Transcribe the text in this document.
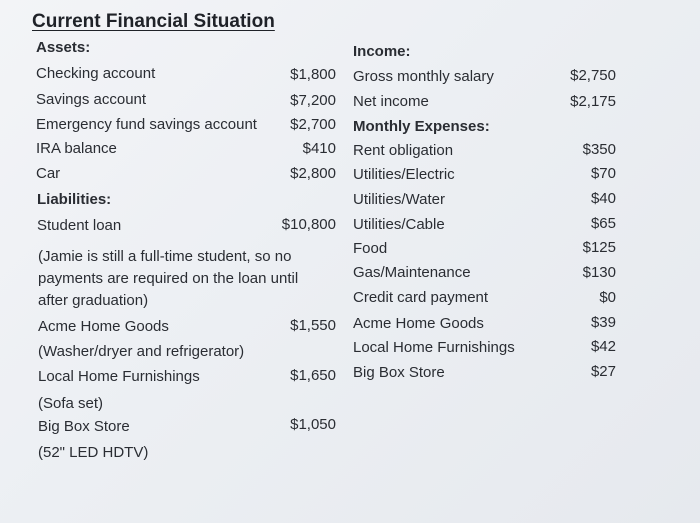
Current Financial Situation
Assets:
Checking account	$1,800
Savings account	$7,200
Emergency fund savings account $2,700
IRA balance	$410
Car	$2,800
Liabilities:
Student loan	$10,800
(Jamie is still a full-time student, so no
payments are required on the loan until
after graduation)
Acme Home Goods	$1,550
(Washer/dryer and refrigerator)
Local Home Furnishings	$1,650
(Sofa set)
Big Box Store	$1,050
(52" LED HDTV)
Income:
Gross monthly salary	$2,750
Net income	$2,175
Monthly Expenses:
Rent obligation	$350
Utilities/Electric	$70
Utilities/Water	$40
Utilities/Cable	$65
Food	$125
Gas/Maintenance	$130
Credit card payment	$0
Acme Home Goods	$39
Local Home Furnishings	$42
Big Box Store	$27
